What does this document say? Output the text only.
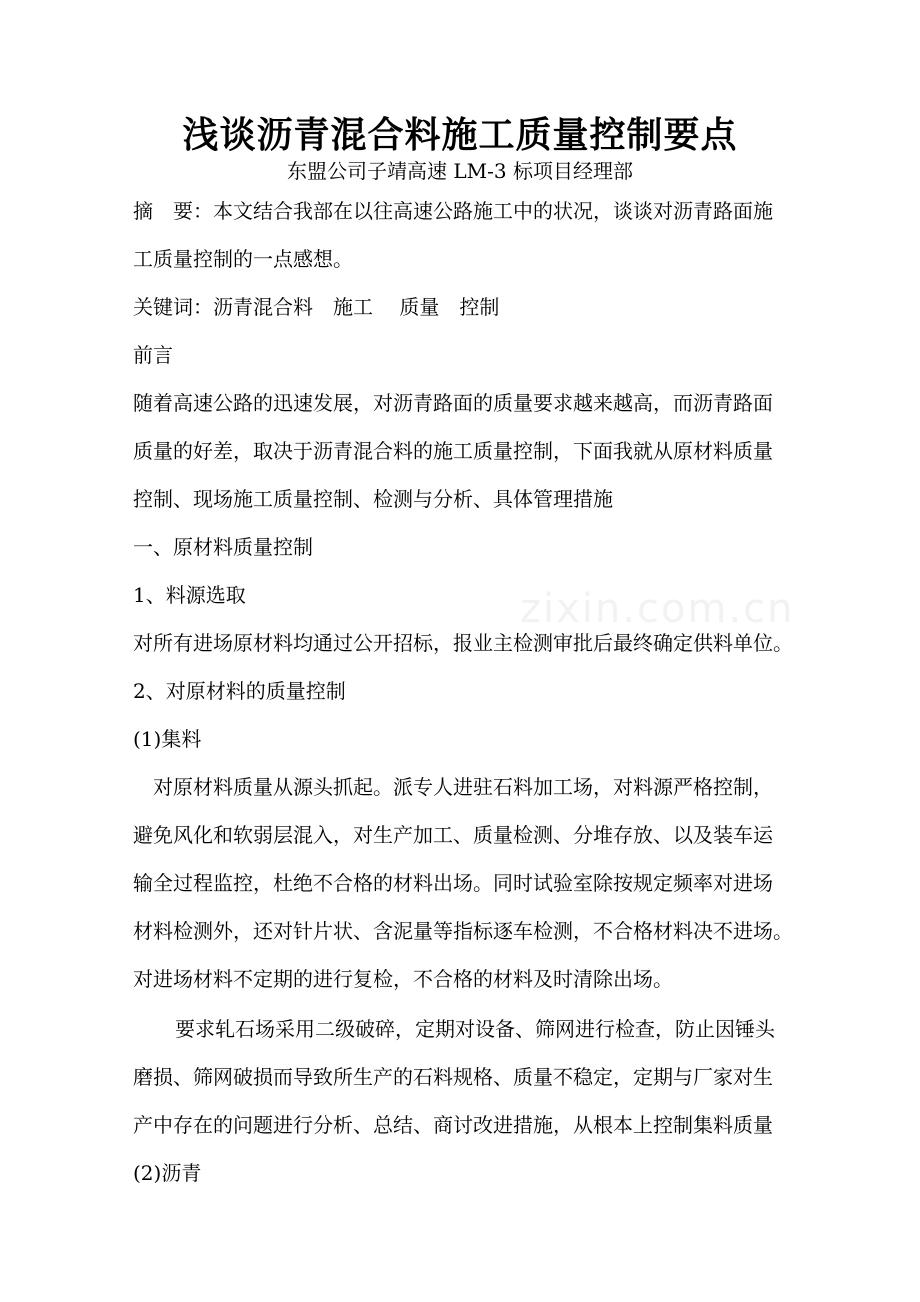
zixin.com.cn
浅谈沥青混合料施工质量控制要点
东盟公司子靖高速 LM-3 标项目经理部
摘　要：本文结合我部在以往高速公路施工中的状况，谈谈对沥青路面施
工质量控制的一点感想。
关键词：沥青混合料　施工　 质量　控制
前言
随着高速公路的迅速发展，对沥青路面的质量要求越来越高，而沥青路面
质量的好差，取决于沥青混合料的施工质量控制，下面我就从原材料质量
控制、现场施工质量控制、检测与分析、具体管理措施
一、原材料质量控制
1、料源选取
对所有进场原材料均通过公开招标，报业主检测审批后最终确定供料单位。
2、对原材料的质量控制
(1)集料
对原材料质量从源头抓起。派专人进驻石料加工场，对料源严格控制，
避免风化和软弱层混入，对生产加工、质量检测、分堆存放、以及装车运
输全过程监控，杜绝不合格的材料出场。同时试验室除按规定频率对进场
材料检测外，还对针片状、含泥量等指标逐车检测，不合格材料决不进场。
对进场材料不定期的进行复检，不合格的材料及时清除出场。
要求轧石场采用二级破碎，定期对设备、筛网进行检查，防止因锤头
磨损、筛网破损而导致所生产的石料规格、质量不稳定，定期与厂家对生
产中存在的问题进行分析、总结、商讨改进措施，从根本上控制集料质量
(2)沥青
